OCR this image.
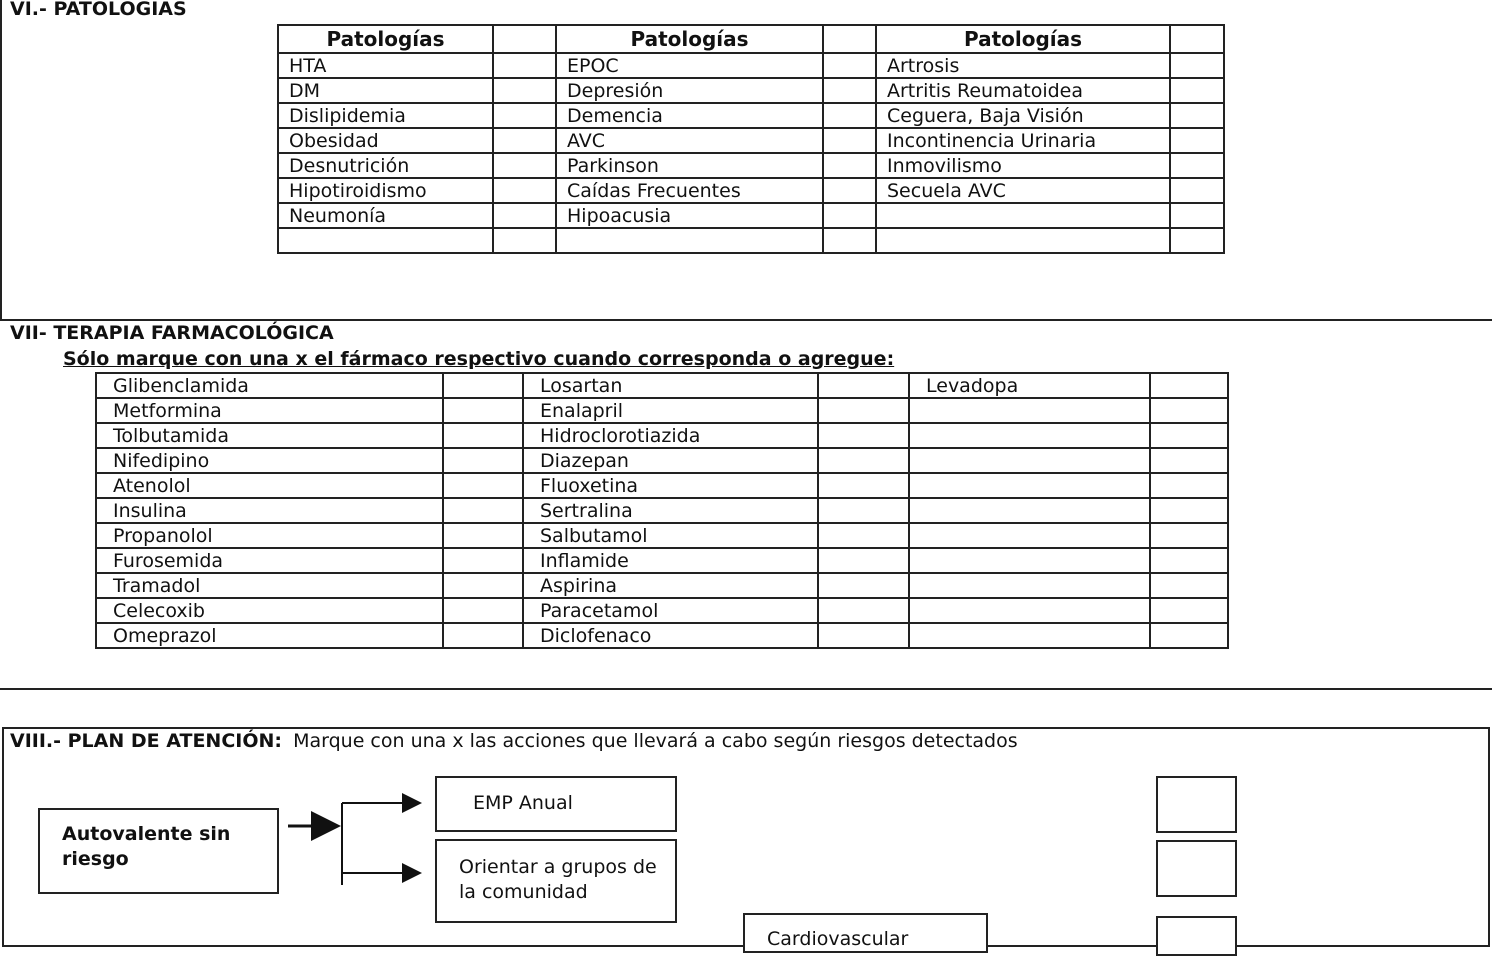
VI.- PATOLOGIAS
Patologías		Patologías		Patologías	
HTA		EPOC		Artrosis	
DM		Depresión		Artritis Reumatoidea	
Dislipidemia		Demencia		Ceguera, Baja Visión	
Obesidad		AVC		Incontinencia Urinaria	
Desnutrición		Parkinson		Inmovilismo	
Hipotiroidismo		Caídas Frecuentes		Secuela AVC	
Neumonía		Hipoacusia			

VII- TERAPIA FARMACOLÓGICA
Sólo marque con una x el fármaco respectivo cuando corresponda o agregue:
Glibenclamida		Losartan		Levadopa	
Metformina		Enalapril			
Tolbutamida		Hidroclorotiazida			
Nifedipino		Diazepan			
Atenolol		Fluoxetina			
Insulina		Sertralina			
Propanolol		Salbutamol			
Furosemida		Inflamide			
Tramadol		Aspirina			
Celecoxib		Paracetamol			
Omeprazol		Diclofenaco			
VIII.- PLAN DE ATENCIÓN: Marque con una x las acciones que llevará a cabo según riesgos detectados
Autovalente sin
riesgo
EMP Anual
Orientar a grupos de
la comunidad
Cardiovascular
